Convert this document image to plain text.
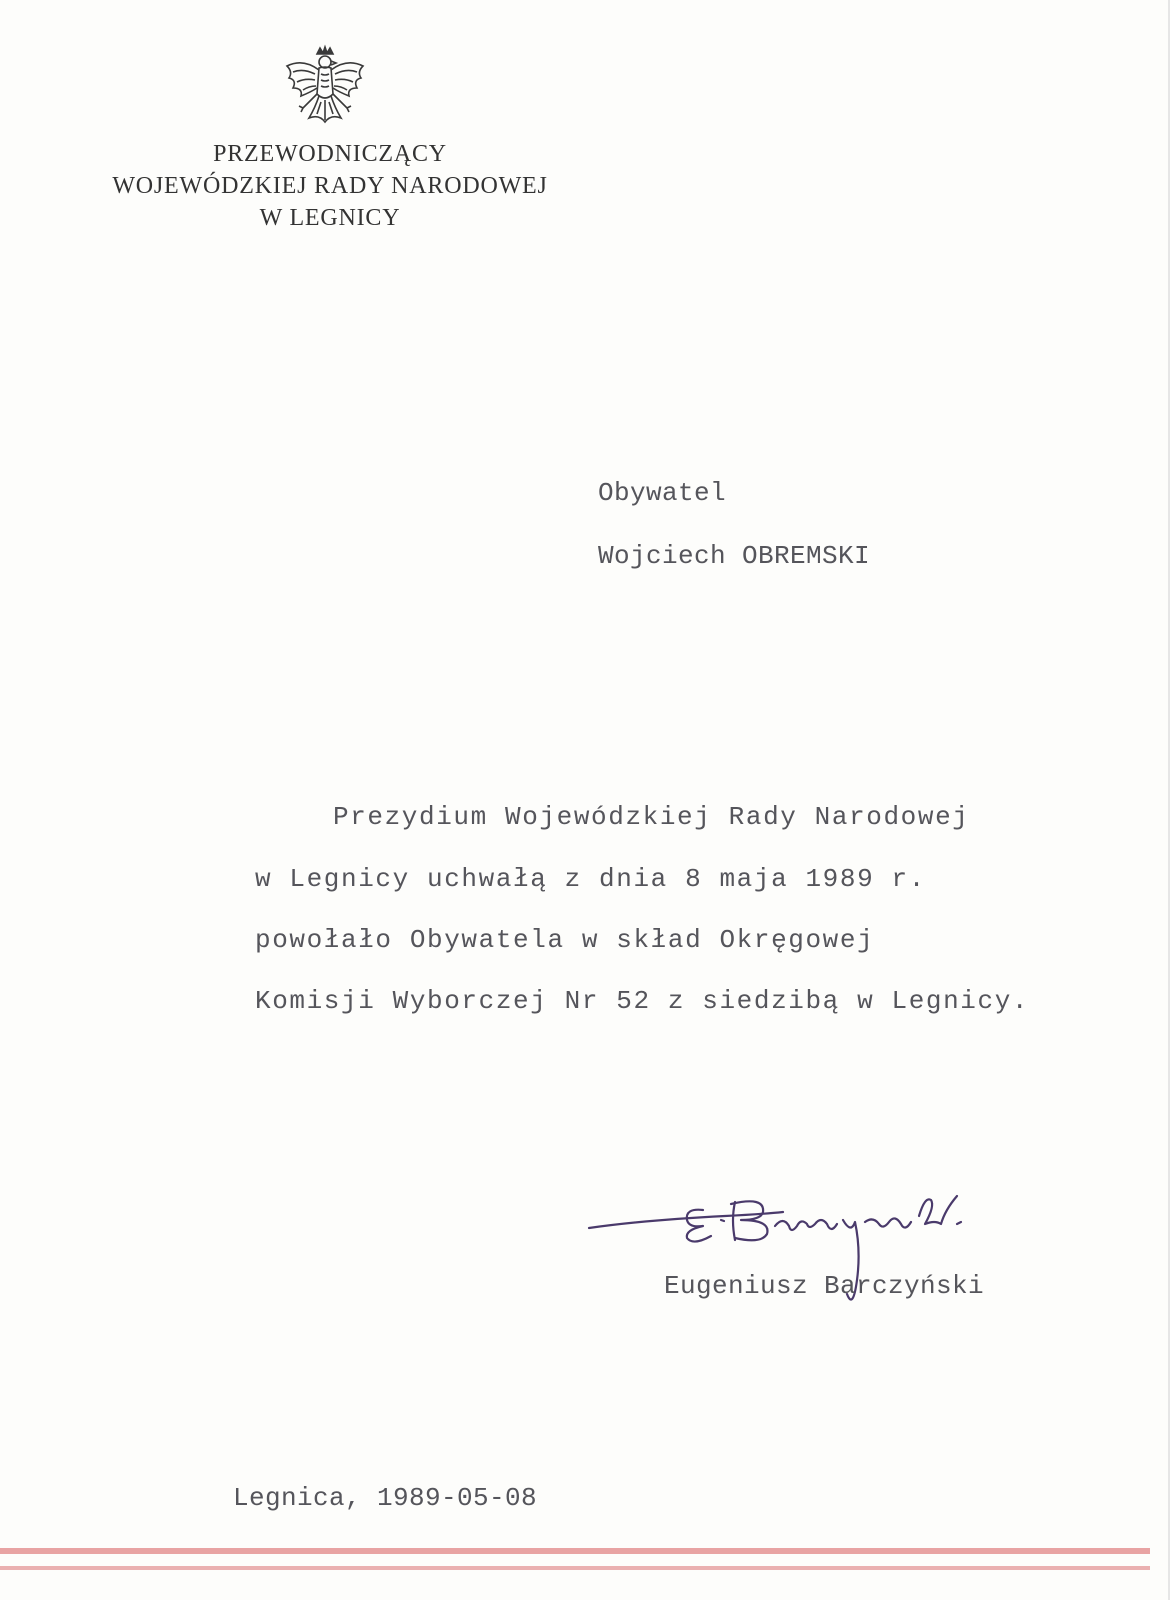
PRZEWODNICZĄCY
WOJEWÓDZKIEJ RADY NARODOWEJ
W LEGNICY
Obywatel
Wojciech OBREMSKI
Prezydium Wojewódzkiej Rady Narodowej
w Legnicy uchwałą z dnia 8 maja 1989 r.
powołało Obywatela w skład Okręgowej
Komisji Wyborczej Nr 52 z siedzibą w Legnicy.
Eugeniusz Barczyński
Legnica, 1989-05-08
